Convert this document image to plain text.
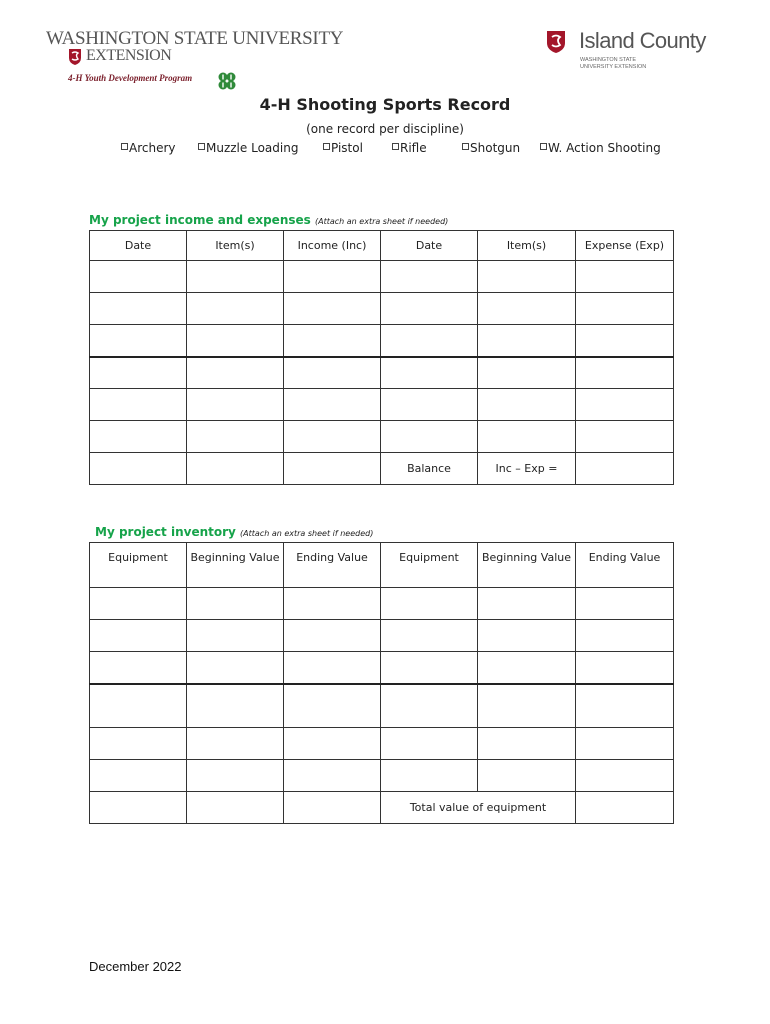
WASHINGTON STATE UNIVERSITY
EXTENSION
4-H Youth Development Program
Island County
WASHINGTON STATE UNIVERSITY EXTENSION
4-H Shooting Sports Record
(one record per discipline)
Archery	Muzzle Loading	Pistol	Rifle	Shotgun	W. Action Shooting
My project income and expenses (Attach an extra sheet if needed)
Date	Item(s)	Income (Inc)	Date	Item(s)	Expense (Exp)

			Balance	Inc – Exp =	
My project inventory (Attach an extra sheet if needed)
Equipment	Beginning Value	Ending Value	Equipment	Beginning Value	Ending Value

			Total value of equipment		
December 2022
